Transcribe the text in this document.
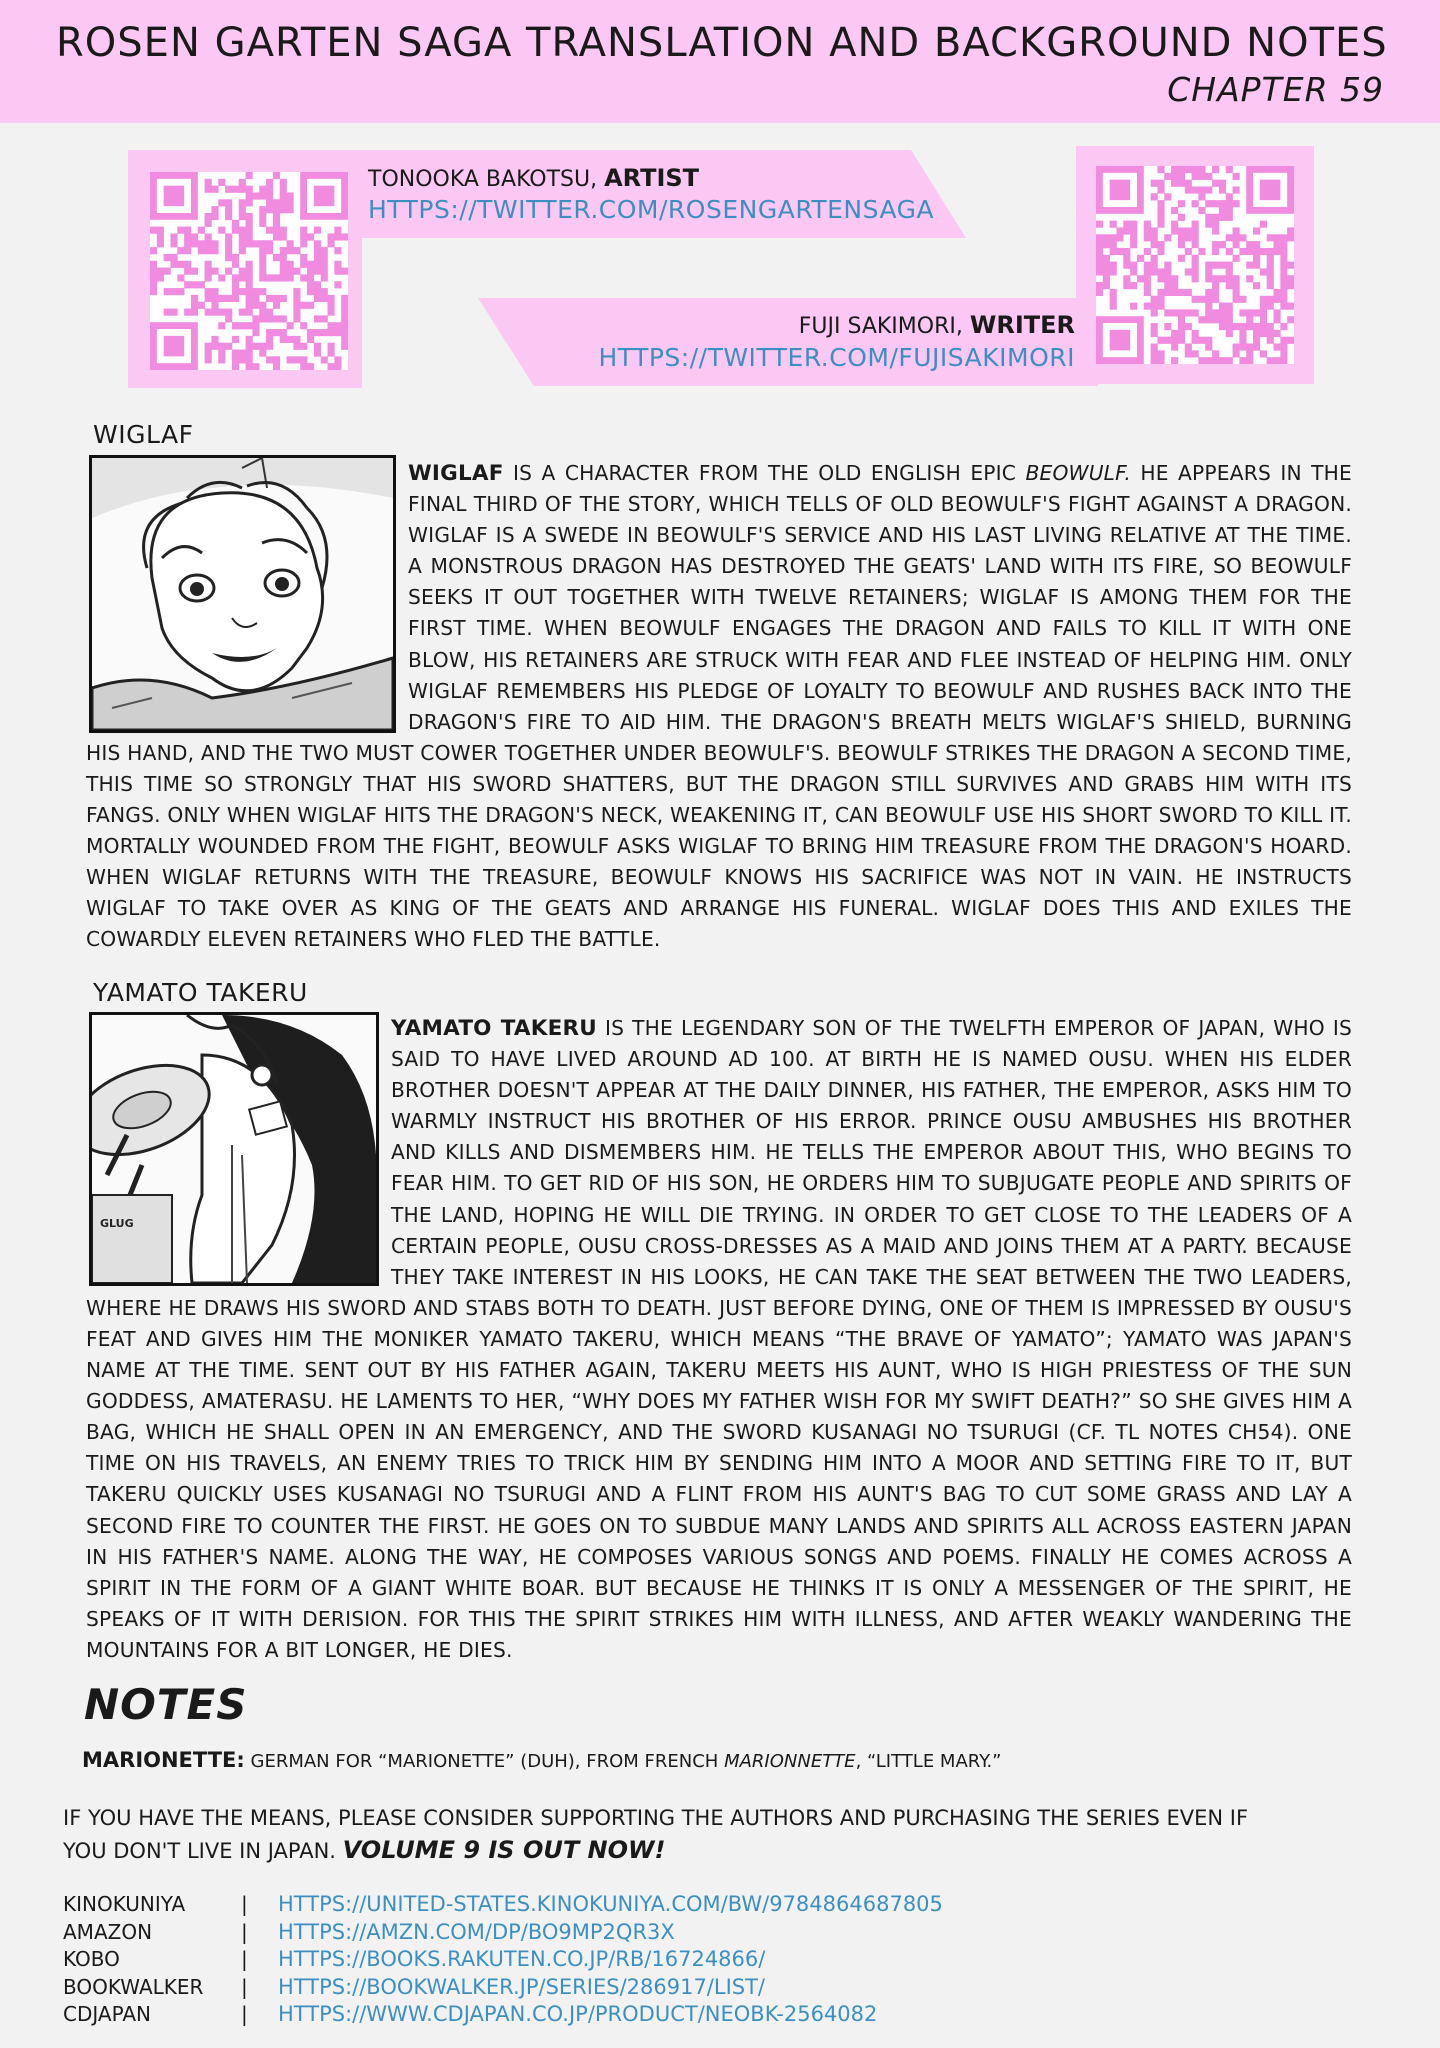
ROSEN GARTEN SAGA TRANSLATION AND BACKGROUND NOTES
CHAPTER 59
TONOOKA BAKOTSU, ARTIST
HTTPS://TWITTER.COM/ROSENGARTENSAGA
FUJI SAKIMORI, WRITER
HTTPS://TWITTER.COM/FUJISAKIMORI
WIGLAF
WIGLAF IS A CHARACTER FROM THE OLD ENGLISH EPIC BEOWULF. HE APPEARS IN THE FINAL THIRD OF THE STORY, WHICH TELLS OF OLD BEOWULF'S FIGHT AGAINST A DRAGON. WIGLAF IS A SWEDE IN BEOWULF'S SERVICE AND HIS LAST LIVING RELATIVE AT THE TIME. A MONSTROUS DRAGON HAS DESTROYED THE GEATS' LAND WITH ITS FIRE, SO BEOWULF SEEKS IT OUT TOGETHER WITH TWELVE RETAINERS; WIGLAF IS AMONG THEM FOR THE FIRST TIME. WHEN BEOWULF ENGAGES THE DRAGON AND FAILS TO KILL IT WITH ONE BLOW, HIS RETAINERS ARE STRUCK WITH FEAR AND FLEE INSTEAD OF HELPING HIM. ONLY WIGLAF REMEMBERS HIS PLEDGE OF LOYALTY TO BEOWULF AND RUSHES BACK INTO THE DRAGON'S FIRE TO AID HIM. THE DRAGON'S BREATH MELTS WIGLAF'S SHIELD, BURNING HIS HAND, AND THE TWO MUST COWER TOGETHER UNDER BEOWULF'S. BEOWULF STRIKES THE DRAGON A SECOND TIME, THIS TIME SO STRONGLY THAT HIS SWORD SHATTERS, BUT THE DRAGON STILL SURVIVES AND GRABS HIM WITH ITS FANGS. ONLY WHEN WIGLAF HITS THE DRAGON'S NECK, WEAKENING IT, CAN BEOWULF USE HIS SHORT SWORD TO KILL IT. MORTALLY WOUNDED FROM THE FIGHT, BEOWULF ASKS WIGLAF TO BRING HIM TREASURE FROM THE DRAGON'S HOARD. WHEN WIGLAF RETURNS WITH THE TREASURE, BEOWULF KNOWS HIS SACRIFICE WAS NOT IN VAIN. HE INSTRUCTS WIGLAF TO TAKE OVER AS KING OF THE GEATS AND ARRANGE HIS FUNERAL. WIGLAF DOES THIS AND EXILES THE COWARDLY ELEVEN RETAINERS WHO FLED THE BATTLE.
YAMATO TAKERU
GLUG
YAMATO TAKERU IS THE LEGENDARY SON OF THE TWELFTH EMPEROR OF JAPAN, WHO IS SAID TO HAVE LIVED AROUND AD 100. AT BIRTH HE IS NAMED OUSU. WHEN HIS ELDER BROTHER DOESN'T APPEAR AT THE DAILY DINNER, HIS FATHER, THE EMPEROR, ASKS HIM TO WARMLY INSTRUCT HIS BROTHER OF HIS ERROR. PRINCE OUSU AMBUSHES HIS BROTHER AND KILLS AND DISMEMBERS HIM. HE TELLS THE EMPEROR ABOUT THIS, WHO BEGINS TO FEAR HIM. TO GET RID OF HIS SON, HE ORDERS HIM TO SUBJUGATE PEOPLE AND SPIRITS OF THE LAND, HOPING HE WILL DIE TRYING. IN ORDER TO GET CLOSE TO THE LEADERS OF A CERTAIN PEOPLE, OUSU CROSS-DRESSES AS A MAID AND JOINS THEM AT A PARTY. BECAUSE THEY TAKE INTEREST IN HIS LOOKS, HE CAN TAKE THE SEAT BETWEEN THE TWO LEADERS, WHERE HE DRAWS HIS SWORD AND STABS BOTH TO DEATH. JUST BEFORE DYING, ONE OF THEM IS IMPRESSED BY OUSU'S FEAT AND GIVES HIM THE MONIKER YAMATO TAKERU, WHICH MEANS “THE BRAVE OF YAMATO”; YAMATO WAS JAPAN'S NAME AT THE TIME. SENT OUT BY HIS FATHER AGAIN, TAKERU MEETS HIS AUNT, WHO IS HIGH PRIESTESS OF THE SUN GODDESS, AMATERASU. HE LAMENTS TO HER, “WHY DOES MY FATHER WISH FOR MY SWIFT DEATH?” SO SHE GIVES HIM A BAG, WHICH HE SHALL OPEN IN AN EMERGENCY, AND THE SWORD KUSANAGI NO TSURUGI (CF. TL NOTES CH54). ONE TIME ON HIS TRAVELS, AN ENEMY TRIES TO TRICK HIM BY SENDING HIM INTO A MOOR AND SETTING FIRE TO IT, BUT TAKERU QUICKLY USES KUSANAGI NO TSURUGI AND A FLINT FROM HIS AUNT'S BAG TO CUT SOME GRASS AND LAY A SECOND FIRE TO COUNTER THE FIRST. HE GOES ON TO SUBDUE MANY LANDS AND SPIRITS ALL ACROSS EASTERN JAPAN IN HIS FATHER'S NAME. ALONG THE WAY, HE COMPOSES VARIOUS SONGS AND POEMS. FINALLY HE COMES ACROSS A SPIRIT IN THE FORM OF A GIANT WHITE BOAR. BUT BECAUSE HE THINKS IT IS ONLY A MESSENGER OF THE SPIRIT, HE SPEAKS OF IT WITH DERISION. FOR THIS THE SPIRIT STRIKES HIM WITH ILLNESS, AND AFTER WEAKLY WANDERING THE MOUNTAINS FOR A BIT LONGER, HE DIES.
NOTES
MARIONETTE: GERMAN FOR “MARIONETTE” (DUH), FROM FRENCH MARIONNETTE, “LITTLE MARY.”
IF YOU HAVE THE MEANS, PLEASE CONSIDER SUPPORTING THE AUTHORS AND PURCHASING THE SERIES EVEN IF YOU DON'T LIVE IN JAPAN. VOLUME 9 IS OUT NOW!
KINOKUNIYA	| HTTPS://UNITED-STATES.KINOKUNIYA.COM/BW/9784864687805
AMAZON	| HTTPS://AMZN.COM/DP/BO9MP2QR3X
KOBO	| HTTPS://BOOKS.RAKUTEN.CO.JP/RB/16724866/
BOOKWALKER | HTTPS://BOOKWALKER.JP/SERIES/286917/LIST/
CDJAPAN	| HTTPS://WWW.CDJAPAN.CO.JP/PRODUCT/NEOBK-2564082
